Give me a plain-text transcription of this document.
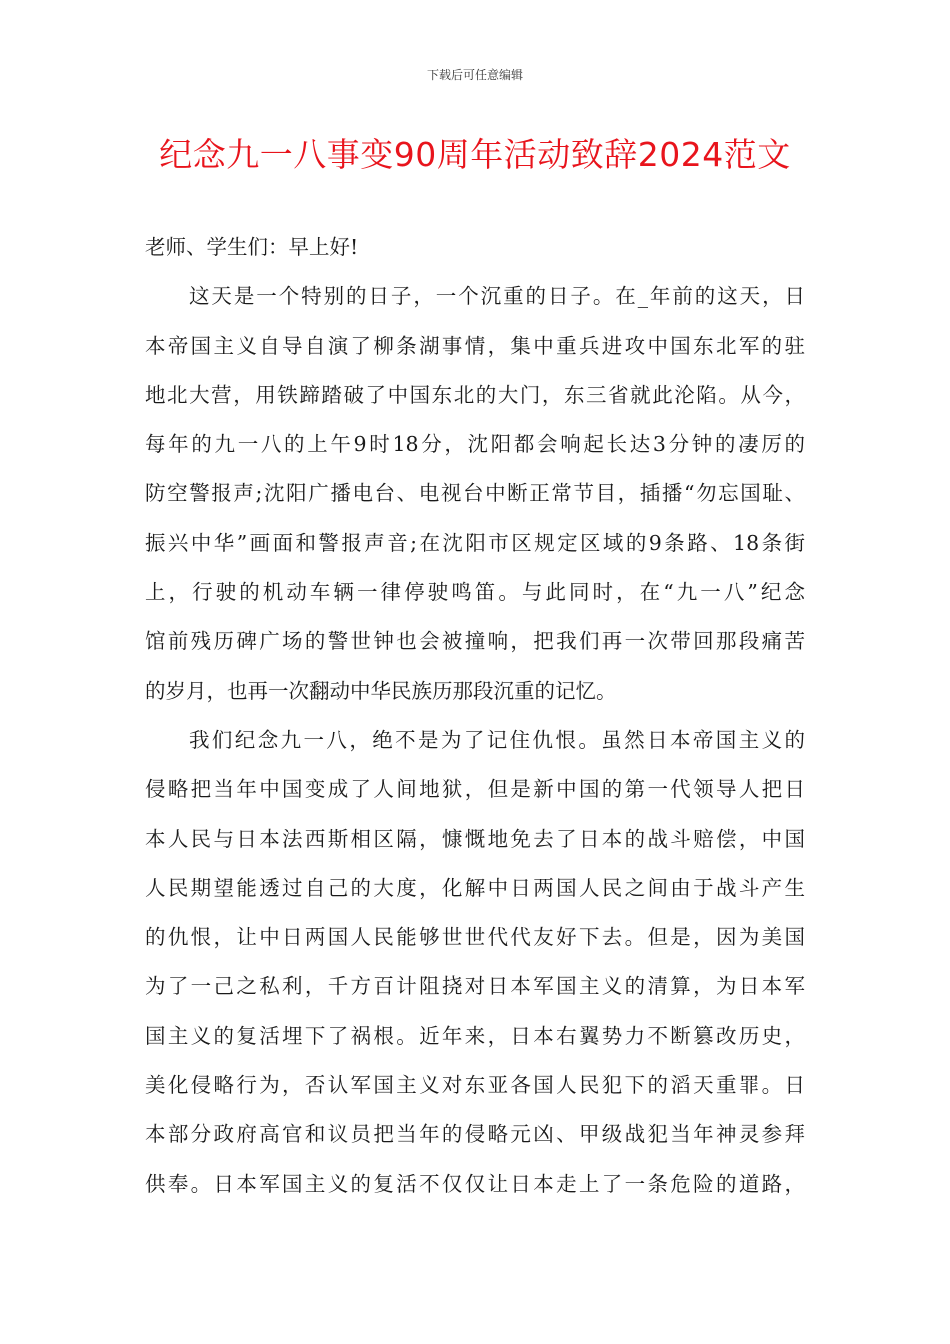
下载后可任意编辑
纪念九一八事变90周年活动致辞2024范文
老师、学生们：早上好!
这天是一个特别的日子，一个沉重的日子。在_年前的这天，日
本帝国主义自导自演了柳条湖事情，集中重兵进攻中国东北军的驻
地北大营，用铁蹄踏破了中国东北的大门，东三省就此沦陷。从今，
每年的九一八的上午9时18分，沈阳都会响起长达3分钟的凄厉的
防空警报声;沈阳广播电台、电视台中断正常节目，插播“勿忘国耻、
振兴中华”画面和警报声音;在沈阳市区规定区域的9条路、18条街
上，行驶的机动车辆一律停驶鸣笛。与此同时，在“九一八”纪念
馆前残历碑广场的警世钟也会被撞响，把我们再一次带回那段痛苦
的岁月，也再一次翻动中华民族历那段沉重的记忆。
我们纪念九一八，绝不是为了记住仇恨。虽然日本帝国主义的
侵略把当年中国变成了人间地狱，但是新中国的第一代领导人把日
本人民与日本法西斯相区隔，慷慨地免去了日本的战斗赔偿，中国
人民期望能透过自己的大度，化解中日两国人民之间由于战斗产生
的仇恨，让中日两国人民能够世世代代友好下去。但是，因为美国
为了一己之私利，千方百计阻挠对日本军国主义的清算，为日本军
国主义的复活埋下了祸根。近年来，日本右翼势力不断篡改历史，
美化侵略行为，否认军国主义对东亚各国人民犯下的滔天重罪。日
本部分政府高官和议员把当年的侵略元凶、甲级战犯当年神灵参拜
供奉。日本军国主义的复活不仅仅让日本走上了一条危险的道路，
